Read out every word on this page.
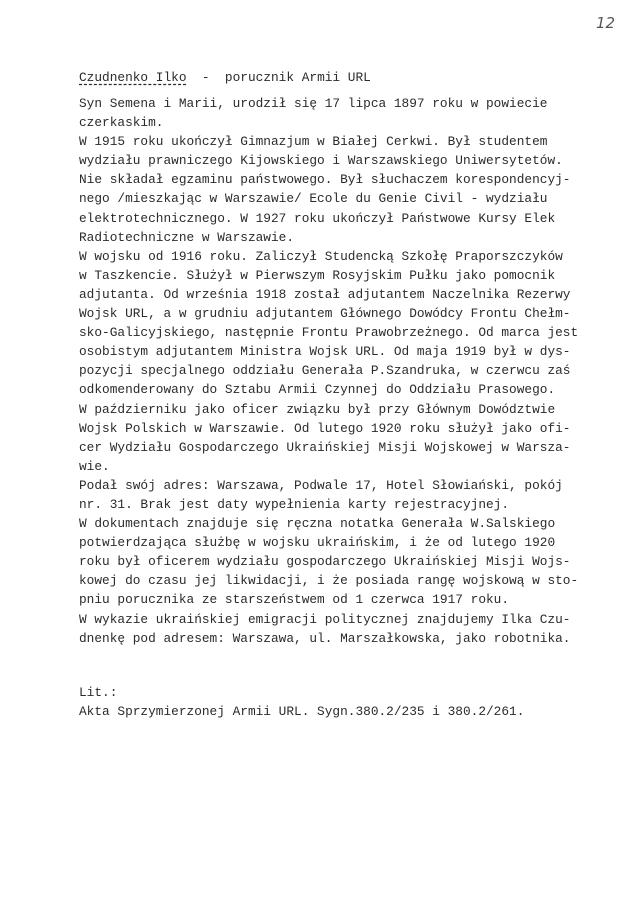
12
Czudnenko Ilko - porucznik Armii URL
Syn Semena i Marii, urodził się 17 lipca 1897 roku w powiecie
czerkaskim.
W 1915 roku ukończył Gimnazjum w Białej Cerkwi. Był studentem
wydziału prawniczego Kijowskiego i Warszawskiego Uniwersytetów.
Nie składał egzaminu państwowego. Był słuchaczem korespondencyj-
nego /mieszkając w Warszawie/ Ecole du Genie Civil - wydziału
elektrotechnicznego. W 1927 roku ukończył Państwowe Kursy Elek
Radiotechniczne w Warszawie.
W wojsku od 1916 roku. Zaliczył Studencką Szkołę Praporszczyków
w Taszkencie. Służył w Pierwszym Rosyjskim Pułku jako pomocnik
adjutanta. Od września 1918 został adjutantem Naczelnika Rezerwy
Wojsk URL, a w grudniu adjutantem Głównego Dowódcy Frontu Chełm-
sko-Galicyjskiego, następnie Frontu Prawobrzeżnego. Od marca jest
osobistym adjutantem Ministra Wojsk URL. Od maja 1919 był w dys-
pozycji specjalnego oddziału Generała P.Szandruka, w czerwcu zaś
odkomenderowany do Sztabu Armii Czynnej do Oddziału Prasowego.
W październiku jako oficer związku był przy Głównym Dowództwie
Wojsk Polskich w Warszawie. Od lutego 1920 roku służył jako ofi-
cer Wydziału Gospodarczego Ukraińskiej Misji Wojskowej w Warsza-
wie.
Podał swój adres: Warszawa, Podwale 17, Hotel Słowiański, pokój
nr. 31. Brak jest daty wypełnienia karty rejestracyjnej.
W dokumentach znajduje się ręczna notatka Generała W.Salskiego
potwierdzająca służbę w wojsku ukraińskim, i że od lutego 1920
roku był oficerem wydziału gospodarczego Ukraińskiej Misji Wojs-
kowej do czasu jej likwidacji, i że posiada rangę wojskową w sto-
pniu porucznika ze starszeństwem od 1 czerwca 1917 roku.
W wykazie ukraińskiej emigracji politycznej znajdujemy Ilka Czu-
dnenkę pod adresem: Warszawa, ul. Marszałkowska, jako robotnika.
Lit.:
Akta Sprzymierzonej Armii URL. Sygn.380.2/235 i 380.2/261.
